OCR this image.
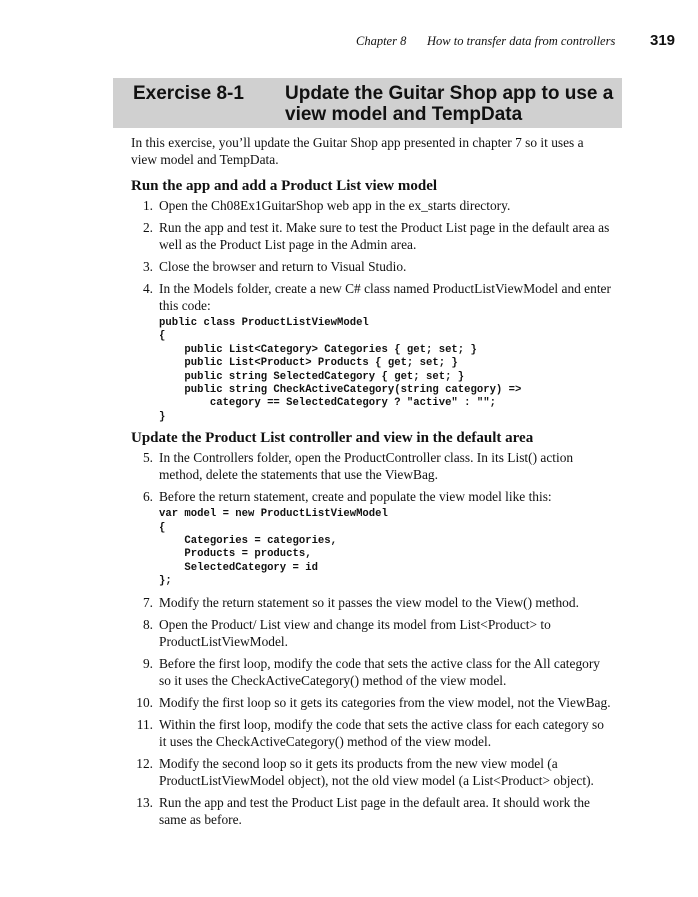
Chapter 8 How to transfer data from controllers 319
Exercise 8-1 Update the Guitar Shop app to use a view model and TempData

In this exercise, you’ll update the Guitar Shop app presented in chapter 7 so it uses a view model and TempData.

Run the app and add a Product List view model
1. Open the Ch08Ex1GuitarShop web app in the ex_starts directory.
2. Run the app and test it. Make sure to test the Product List page in the default area as well as the Product List page in the Admin area.
3. Close the browser and return to Visual Studio.
4. In the Models folder, create a new C# class named ProductListViewModel and enter this code:
public class ProductListViewModel
{
public List<Category> Categories { get; set; }
public List<Product> Products { get; set; }
public string SelectedCategory { get; set; }
public string CheckActiveCategory(string category) =>
category == SelectedCategory ? "active" : "";
}
Update the Product List controller and view in the default area
5. In the Controllers folder, open the ProductController class. In its List() action method, delete the statements that use the ViewBag.
6. Before the return statement, create and populate the view model like this:
var model = new ProductListViewModel
{
Categories = categories,
Products = products,
SelectedCategory = id
};
7. Modify the return statement so it passes the view model to the View() method.
8. Open the Product/ List view and change its model from List<Product> to ProductListViewModel.
9. Before the first loop, modify the code that sets the active class for the All category so it uses the CheckActiveCategory() method of the view model.
10. Modify the first loop so it gets its categories from the view model, not the ViewBag.
11. Within the first loop, modify the code that sets the active class for each category so it uses the CheckActiveCategory() method of the view model.
12. Modify the second loop so it gets its products from the new view model (a ProductListViewModel object), not the old view model (a List<Product> object).
13. Run the app and test the Product List page in the default area. It should work the same as before.
